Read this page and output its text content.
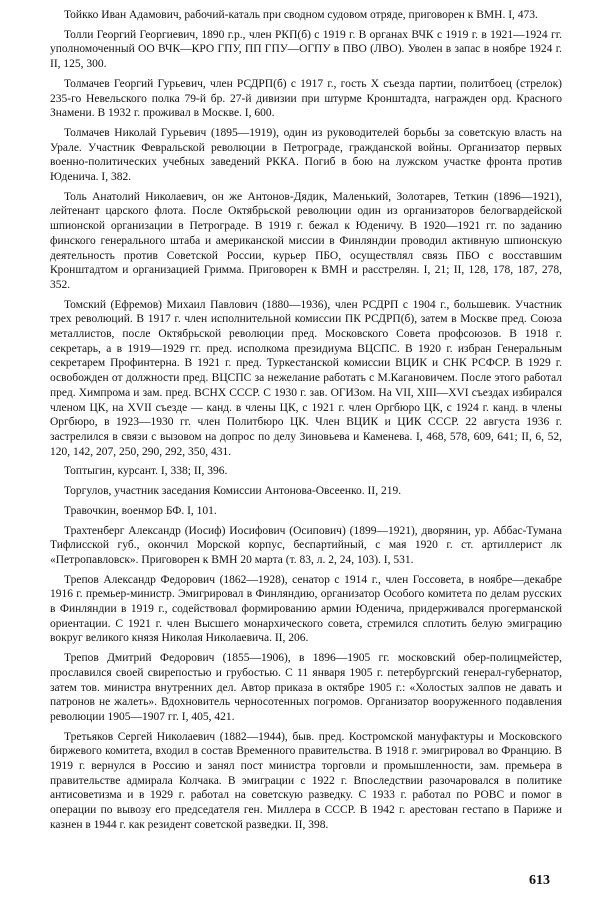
Тойкко Иван Адамович, рабочий-каталь при сводном судовом отряде, приговорен к ВМН. I, 473.

Толли Георгий Георгиевич, 1890 г.р., член РКП(б) с 1919 г. В органах ВЧК с 1919 г. в 1921—1924 гг. уполномоченный ОО ВЧК—КРО ГПУ, ПП ГПУ—ОГПУ в ПВО (ЛВО). Уволен в запас в ноябре 1924 г. II, 125, 300.

Толмачев Георгий Гурьевич, член РСДРП(б) с 1917 г., гость X съезда партии, политбоец (стрелок) 235-го Невельского полка 79-й бр. 27-й дивизии при штурме Кронштадта, награжден орд. Красного Знамени. В 1932 г. проживал в Москве. I, 600.

Толмачев Николай Гурьевич (1895—1919), один из руководителей борьбы за советскую власть на Урале. Участник Февральской революции в Петрограде, гражданской войны. Организатор первых военно-политических учебных заведений РККА. Погиб в бою на лужском участке фронта против Юденича. I, 382.

Толь Анатолий Николаевич, он же Антонов-Дядик, Маленький, Золотарев, Теткин (1896—1921), лейтенант царского флота. После Октябрьской революции один из организаторов белогвардейской шпионской организации в Петрограде. В 1919 г. бежал к Юденичу. В 1920—1921 гг. по заданию финского генерального штаба и американской миссии в Финляндии проводил активную шпионскую деятельность против Советской России, курьер ПБО, осуществлял связь ПБО с восставшим Кронштадтом и организацией Гримма. Приговорен к ВМН и расстрелян. I, 21; II, 128, 178, 187, 278, 352.

Томский (Ефремов) Михаил Павлович (1880—1936), член РСДРП с 1904 г., большевик. Участник трех революций. В 1917 г. член исполнительной комиссии ПК РСДРП(б), затем в Москве пред. Союза металлистов, после Октябрьской революции пред. Московского Совета профсоюзов. В 1918 г. секретарь, а в 1919—1929 гг. пред. исполкома президиума ВЦСПС. В 1920 г. избран Генеральным секретарем Профинтерна. В 1921 г. пред. Туркестанской комиссии ВЦИК и СНК РСФСР. В 1929 г. освобожден от должности пред. ВЦСПС за нежелание работать с М.Кагановичем. После этого работал пред. Химпрома и зам. пред. ВСНХ СССР. С 1930 г. зав. ОГИЗом. На VII, XIII—XVI съездах избирался членом ЦК, на XVII съезде — канд. в члены ЦК, с 1921 г. член Оргбюро ЦК, с 1924 г. канд. в члены Оргбюро, в 1923—1930 гг. член Политбюро ЦК. Член ВЦИК и ЦИК СССР. 22 августа 1936 г. застрелился в связи с вызовом на допрос по делу Зиновьева и Каменева. I, 468, 578, 609, 641; II, 6, 52, 120, 142, 207, 250, 290, 292, 350, 431.

Топтыгин, курсант. I, 338; II, 396.

Торгулов, участник заседания Комиссии Антонова-Овсеенко. II, 219.

Травочкин, военмор БФ. I, 101.

Трахтенберг Александр (Иосиф) Иосифович (Осипович) (1899—1921), дворянин, ур. Аббас-Тумана Тифлисской губ., окончил Морской корпус, беспартийный, с мая 1920 г. ст. артиллерист лк «Петропавловск». Приговорен к ВМН 20 марта (т. 83, л. 2, 24, 103). I, 531.

Трепов Александр Федорович (1862—1928), сенатор с 1914 г., член Госсовета, в ноябре—декабре 1916 г. премьер-министр. Эмигрировал в Финляндию, организатор Особого комитета по делам русских в Финляндии в 1919 г., содействовал формированию армии Юденича, придерживался прогерманской ориентации. С 1921 г. член Высшего монархического совета, стремился сплотить белую эмиграцию вокруг великого князя Николая Николаевича. II, 206.

Трепов Дмитрий Федорович (1855—1906), в 1896—1905 гг. московский обер-полицмейстер, прославился своей свирепостью и грубостью. С 11 января 1905 г. петербургский генерал-губернатор, затем тов. министра внутренних дел. Автор приказа в октябре 1905 г.: «Холостых залпов не давать и патронов не жалеть». Вдохновитель черносотенных погромов. Организатор вооруженного подавления революции 1905—1907 гг. I, 405, 421.

Третьяков Сергей Николаевич (1882—1944), быв. пред. Костромской мануфактуры и Московского биржевого комитета, входил в состав Временного правительства. В 1918 г. эмигрировал во Францию. В 1919 г. вернулся в Россию и занял пост министра торговли и промышленности, зам. премьера в правительстве адмирала Колчака. В эмиграции с 1922 г. Впоследствии разочаровался в политике антисоветизма и в 1929 г. работал на советскую разведку. С 1933 г. работал по РОВС и помог в операции по вывозу его председателя ген. Миллера в СССР. В 1942 г. арестован гестапо в Париже и казнен в 1944 г. как резидент советской разведки. II, 398.

613
